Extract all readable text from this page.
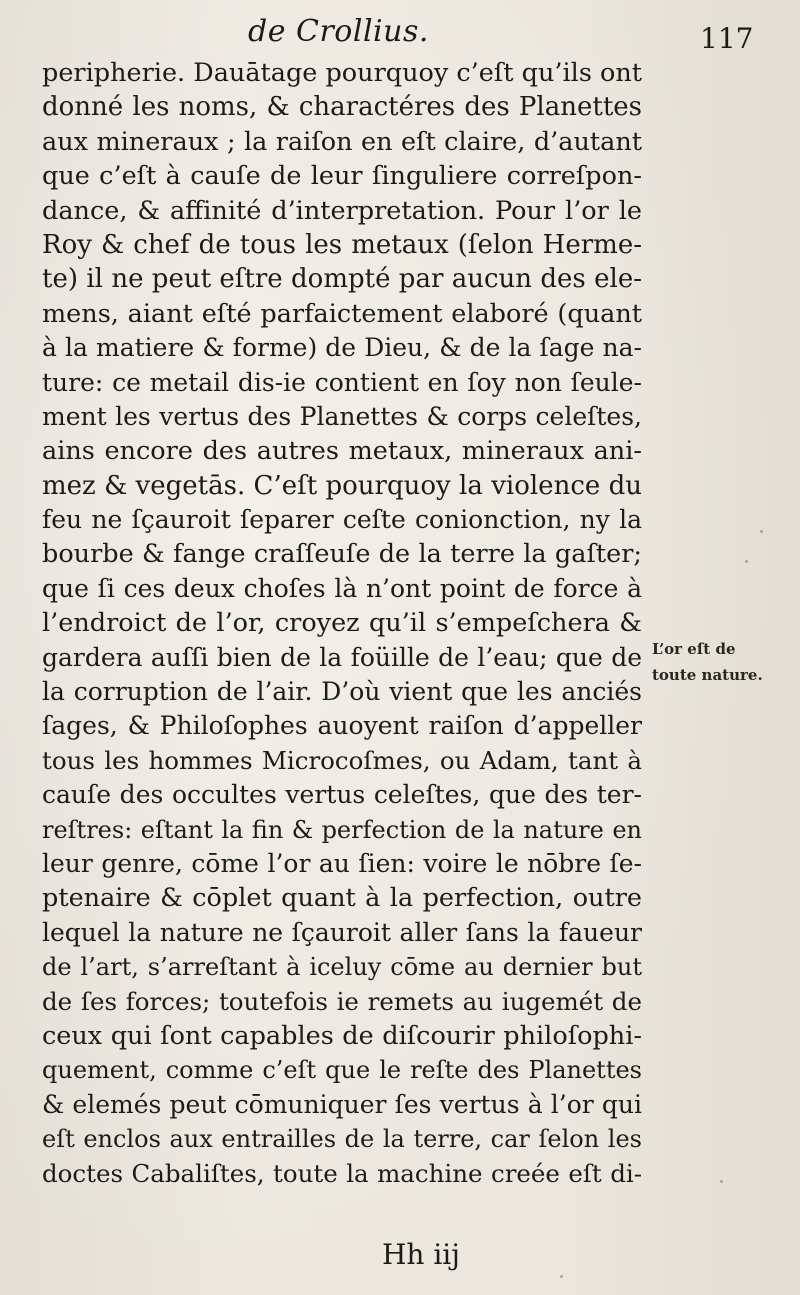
de Crollius.	117
peripherie. Dauātage pourquoy c’eſt qu’ils ont
donné les noms, & charactéres des Planettes
aux mineraux ; la raiſon en eſt claire, d’autant
que c’eſt à cauſe de leur ſinguliere correſpon-
dance, & affinité d’interpretation. Pour l’or le
Roy & chef de tous les metaux (ſelon Herme-
te) il ne peut eſtre dompté par aucun des ele-
mens, aiant eſté parfaictement elaboré (quant
à la matiere & forme) de Dieu, & de la ſage na-
ture: ce metail dis-ie contient en ſoy non ſeule-
ment les vertus des Planettes & corps celeſtes,
ains encore des autres metaux, mineraux ani-
mez & vegetās. C’eſt pourquoy la violence du
feu ne ſçauroit ſeparer ceſte conionction, ny la
bourbe & fange craſſeuſe de la terre la gaſter;
que ſi ces deux choſes là n’ont point de force à
l’endroict de l’or, croyez qu’il s’empeſchera &
gardera auſſi bien de la foüille de l’eau; que de
la corruption de l’air. D’où vient que les anciés
ſages, & Philoſophes auoyent raiſon d’appeller
tous les hommes Microcoſmes, ou Adam, tant à
cauſe des occultes vertus celeſtes, que des ter-
reſtres: eſtant la fin & perfection de la nature en
leur genre, cōme l’or au ſien: voire le nōbre ſe-
ptenaire & cōplet quant à la perfection, outre
lequel la nature ne ſçauroit aller ſans la faueur
de l’art, s’arreſtant à iceluy cōme au dernier but
de ſes forces; toutefois ie remets au iugemét de
ceux qui ſont capables de diſcourir philoſophi-
quement, comme c’eſt que le reſte des Planettes
& elemés peut cōmuniquer ſes vertus à l’or qui
eſt enclos aux entrailles de la terre, car ſelon les
doctes Cabaliſtes, toute la machine creée eſt di-
L’or eſt de
toute nature.
Hh iij
